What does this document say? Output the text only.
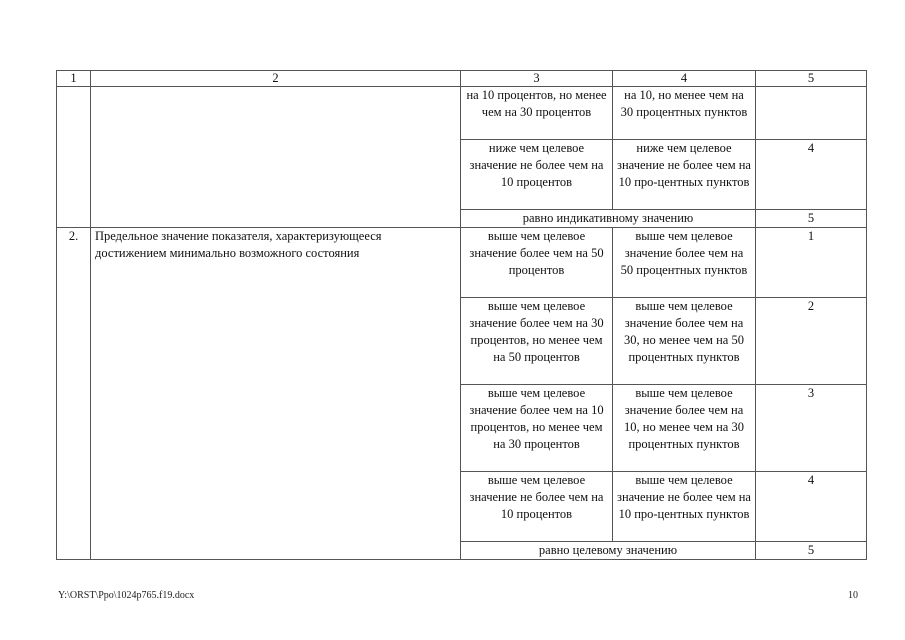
1	2	3	4	5
		на 10 процентов, но менее чем на 30 процентов	на 10, но менее чем на 30 процентных пунктов	
		ниже чем целевое значение не более чем на 10 процентов	ниже чем целевое значение не более чем на 10 про-центных пунктов	4
		равно индикативному значению		5
2.	Предельное значение показателя, характеризующееся достижением минимально возможного состояния	выше чем целевое значение более чем на 50 процентов	выше чем целевое значение более чем на 50 процентных пунктов	1
		выше чем целевое значение более чем на 30 процентов, но менее чем на 50 процентов	выше чем целевое значение более чем на 30, но менее чем на 50 процентных пунктов	2
		выше чем целевое значение более чем на 10 процентов, но менее чем на 30 процентов	выше чем целевое значение более чем на 10, но менее чем на 30 процентных пунктов	3
		выше чем целевое значение не более чем на 10 процентов	выше чем целевое значение не более чем на 10 про-центных пунктов	4
		равно целевому значению		5
Y:\ORST\Ppo\1024p765.f19.docx	10
